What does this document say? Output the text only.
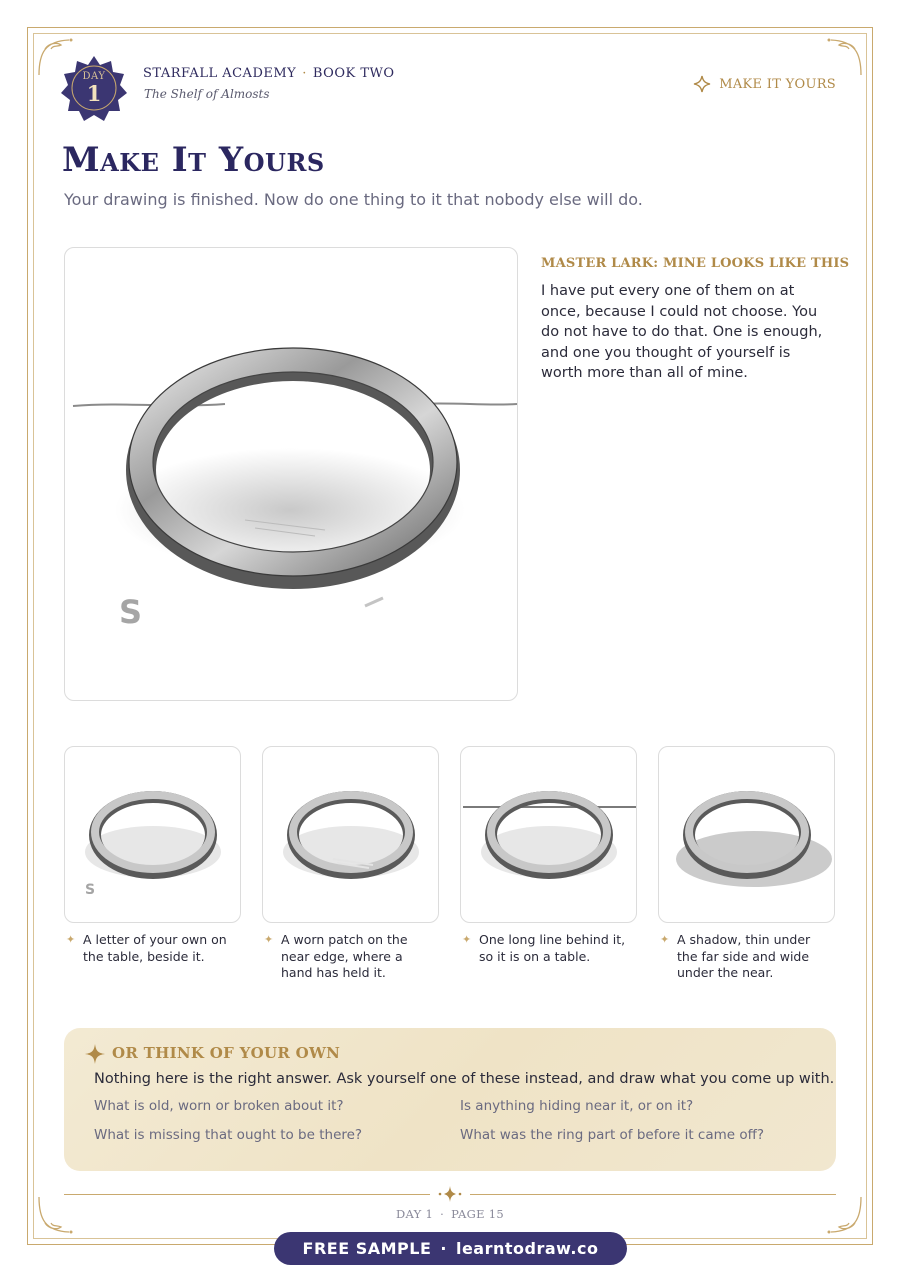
DAY
1
STARFALL ACADEMY · BOOK TWO
The Shelf of Almosts
MAKE IT YOURS
Make It Yours
Your drawing is finished. Now do one thing to it that nobody else will do.
S
MASTER LARK: MINE LOOKS LIKE THIS
I have put every one of them on at once, because I could not choose. You do not have to do that. One is enough, and one you thought of yourself is worth more than all of mine.
S
✦ A letter of your own on the table, beside it.
✦ A worn patch on the near edge, where a hand has held it.
✦ One long line behind it, so it is on a table.
✦ A shadow, thin under the far side and wide under the near.
OR THINK OF YOUR OWN
Nothing here is the right answer. Ask yourself one of these instead, and draw what you come up with.
What is old, worn or broken about it?	Is anything hiding near it, or on it?
What is missing that ought to be there?	What was the ring part of before it came off?
DAY 1 · PAGE 15
FREE SAMPLE · learntodraw.co
